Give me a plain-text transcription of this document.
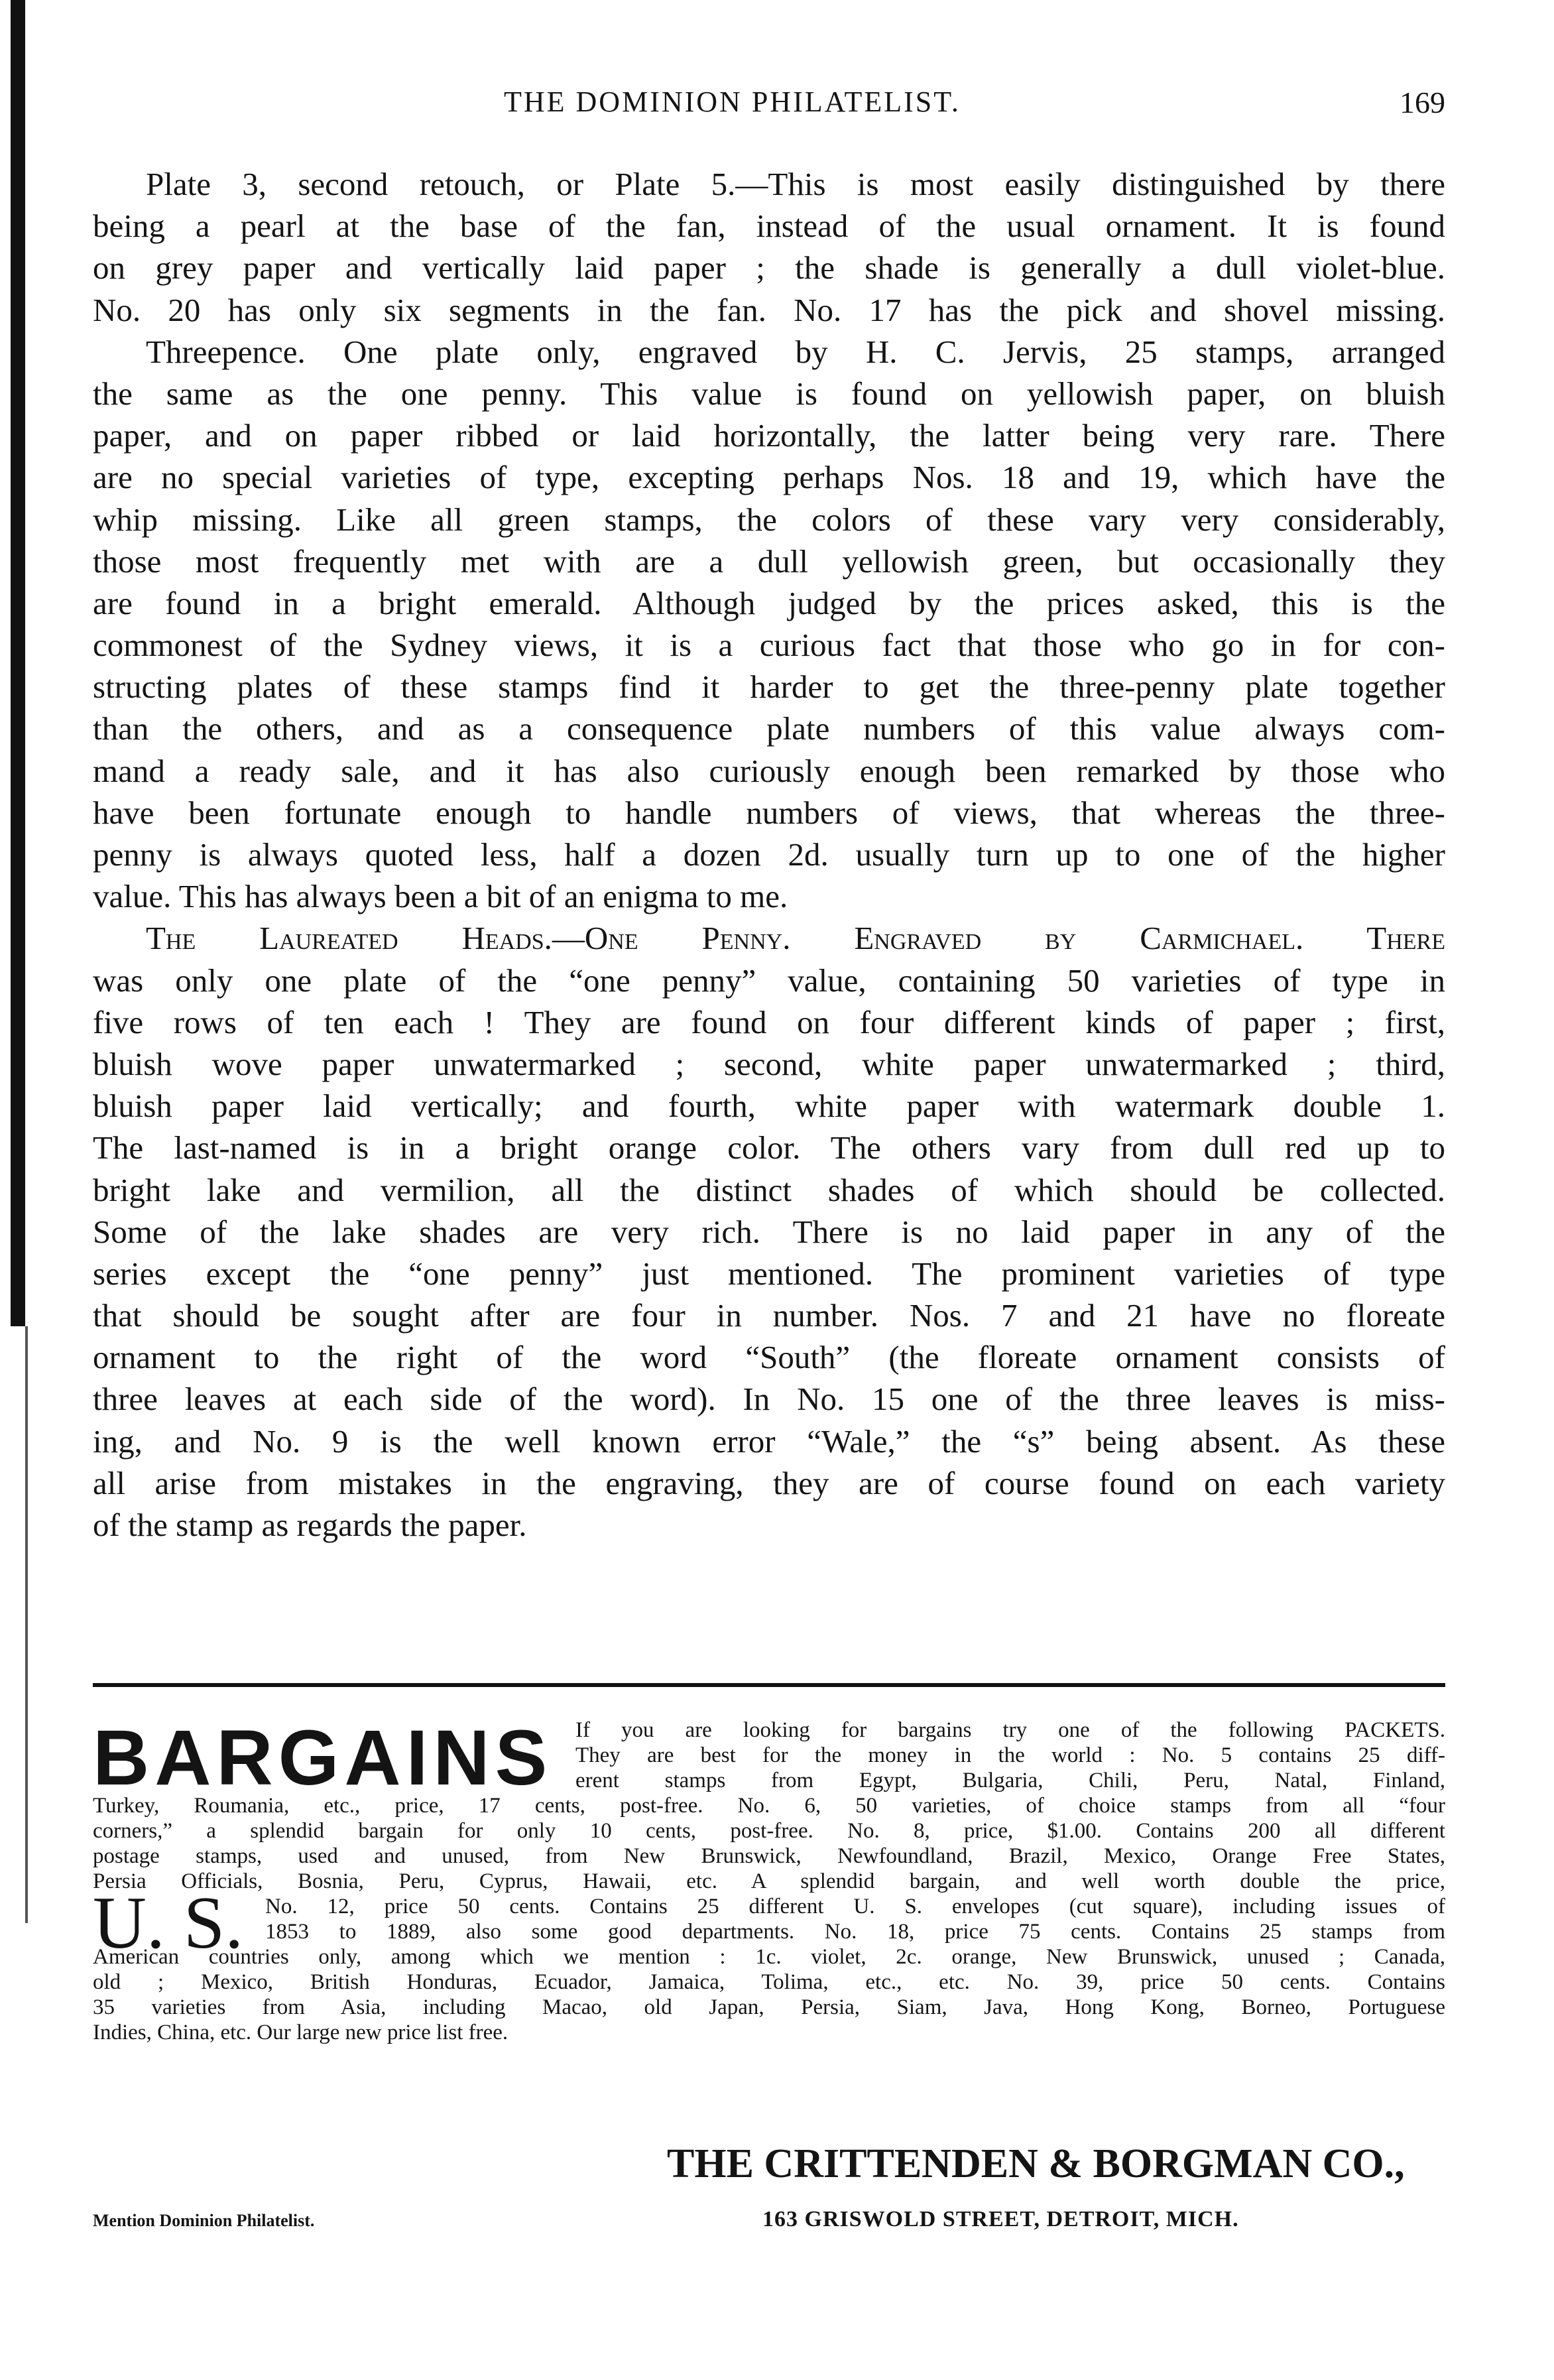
THE DOMINION PHILATELIST.	169
Plate 3, second retouch, or Plate 5.—This is most easily distinguished by there
being a pearl at the base of the fan, instead of the usual ornament. It is found
on grey paper and vertically laid paper ; the shade is generally a dull violet-blue.
No. 20 has only six segments in the fan. No. 17 has the pick and shovel missing.
Threepence. One plate only, engraved by H. C. Jervis, 25 stamps, arranged
the same as the one penny. This value is found on yellowish paper, on bluish
paper, and on paper ribbed or laid horizontally, the latter being very rare. There
are no special varieties of type, excepting perhaps Nos. 18 and 19, which have the
whip missing. Like all green stamps, the colors of these vary very considerably,
those most frequently met with are a dull yellowish green, but occasionally they
are found in a bright emerald. Although judged by the prices asked, this is the
commonest of the Sydney views, it is a curious fact that those who go in for con-
structing plates of these stamps find it harder to get the three-penny plate together
than the others, and as a consequence plate numbers of this value always com-
mand a ready sale, and it has also curiously enough been remarked by those who
have been fortunate enough to handle numbers of views, that whereas the three-
penny is always quoted less, half a dozen 2d. usually turn up to one of the higher
value. This has always been a bit of an enigma to me.
The Laureated Heads.—One Penny. Engraved by Carmichael. There
was only one plate of the “one penny” value, containing 50 varieties of type in
five rows of ten each ! They are found on four different kinds of paper ; first,
bluish wove paper unwatermarked ; second, white paper unwatermarked ; third,
bluish paper laid vertically; and fourth, white paper with watermark double 1.
The last-named is in a bright orange color. The others vary from dull red up to
bright lake and vermilion, all the distinct shades of which should be collected.
Some of the lake shades are very rich. There is no laid paper in any of the
series except the “one penny” just mentioned. The prominent varieties of type
that should be sought after are four in number. Nos. 7 and 21 have no floreate
ornament to the right of the word “South” (the floreate ornament consists of
three leaves at each side of the word). In No. 15 one of the three leaves is miss-
ing, and No. 9 is the well known error “Wale,” the “s” being absent. As these
all arise from mistakes in the engraving, they are of course found on each variety
of the stamp as regards the paper.
BARGAINS
U. S.
If you are looking for bargains try one of the following PACKETS.
They are best for the money in the world : No. 5 contains 25 diff-
erent stamps from Egypt, Bulgaria, Chili, Peru, Natal, Finland,
Turkey, Roumania, etc., price, 17 cents, post-free. No. 6, 50 varieties, of choice stamps from all “four
corners,” a splendid bargain for only 10 cents, post-free. No. 8, price, $1.00. Contains 200 all different
postage stamps, used and unused, from New Brunswick, Newfoundland, Brazil, Mexico, Orange Free States,
Persia Officials, Bosnia, Peru, Cyprus, Hawaii, etc. A splendid bargain, and well worth double the price,
No. 12, price 50 cents. Contains 25 different U. S. envelopes (cut square), including issues of
1853 to 1889, also some good departments. No. 18, price 75 cents. Contains 25 stamps from
American countries only, among which we mention : 1c. violet, 2c. orange, New Brunswick, unused ; Canada,
old ; Mexico, British Honduras, Ecuador, Jamaica, Tolima, etc., etc. No. 39, price 50 cents. Contains
35 varieties from Asia, including Macao, old Japan, Persia, Siam, Java, Hong Kong, Borneo, Portuguese
Indies, China, etc. Our large new price list free.
THE CRITTENDEN & BORGMAN CO.,
Mention Dominion Philatelist.	163 GRISWOLD STREET, DETROIT, MICH.
